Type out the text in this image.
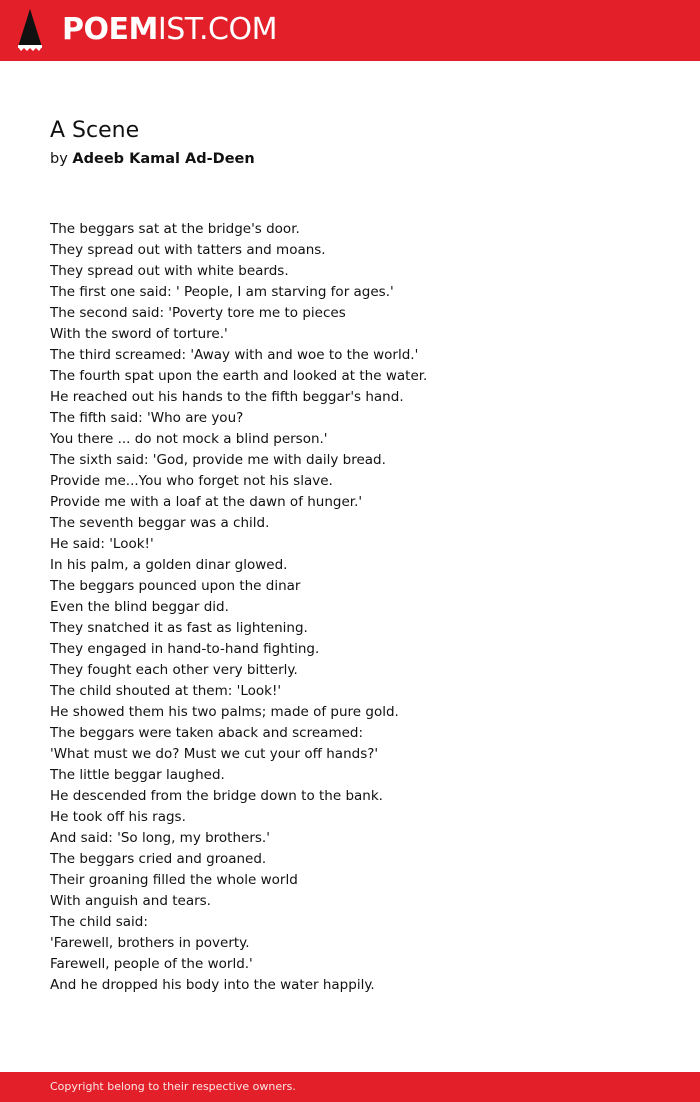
POEMIST.COM
A Scene
by Adeeb Kamal Ad-Deen
The beggars sat at the bridge's door.
They spread out with tatters and moans.
They spread out with white beards.
The first one said: ' People, I am starving for ages.'
The second said: 'Poverty tore me to pieces
With the sword of torture.'
The third screamed: 'Away with and woe to the world.'
The fourth spat upon the earth and looked at the water.
He reached out his hands to the fifth beggar's hand.
The fifth said: 'Who are you?
You there ... do not mock a blind person.'
The sixth said: 'God, provide me with daily bread.
Provide me...You who forget not his slave.
Provide me with a loaf at the dawn of hunger.'
The seventh beggar was a child.
He said: 'Look!'
In his palm, a golden dinar glowed.
The beggars pounced upon the dinar
Even the blind beggar did.
They snatched it as fast as lightening.
They engaged in hand-to-hand fighting.
They fought each other very bitterly.
The child shouted at them: 'Look!'
He showed them his two palms; made of pure gold.
The beggars were taken aback and screamed:
'What must we do? Must we cut your off hands?'
The little beggar laughed.
He descended from the bridge down to the bank.
He took off his rags.
And said: 'So long, my brothers.'
The beggars cried and groaned.
Their groaning filled the whole world
With anguish and tears.
The child said:
'Farewell, brothers in poverty.
Farewell, people of the world.'
And he dropped his body into the water happily.
Copyright belong to their respective owners.
